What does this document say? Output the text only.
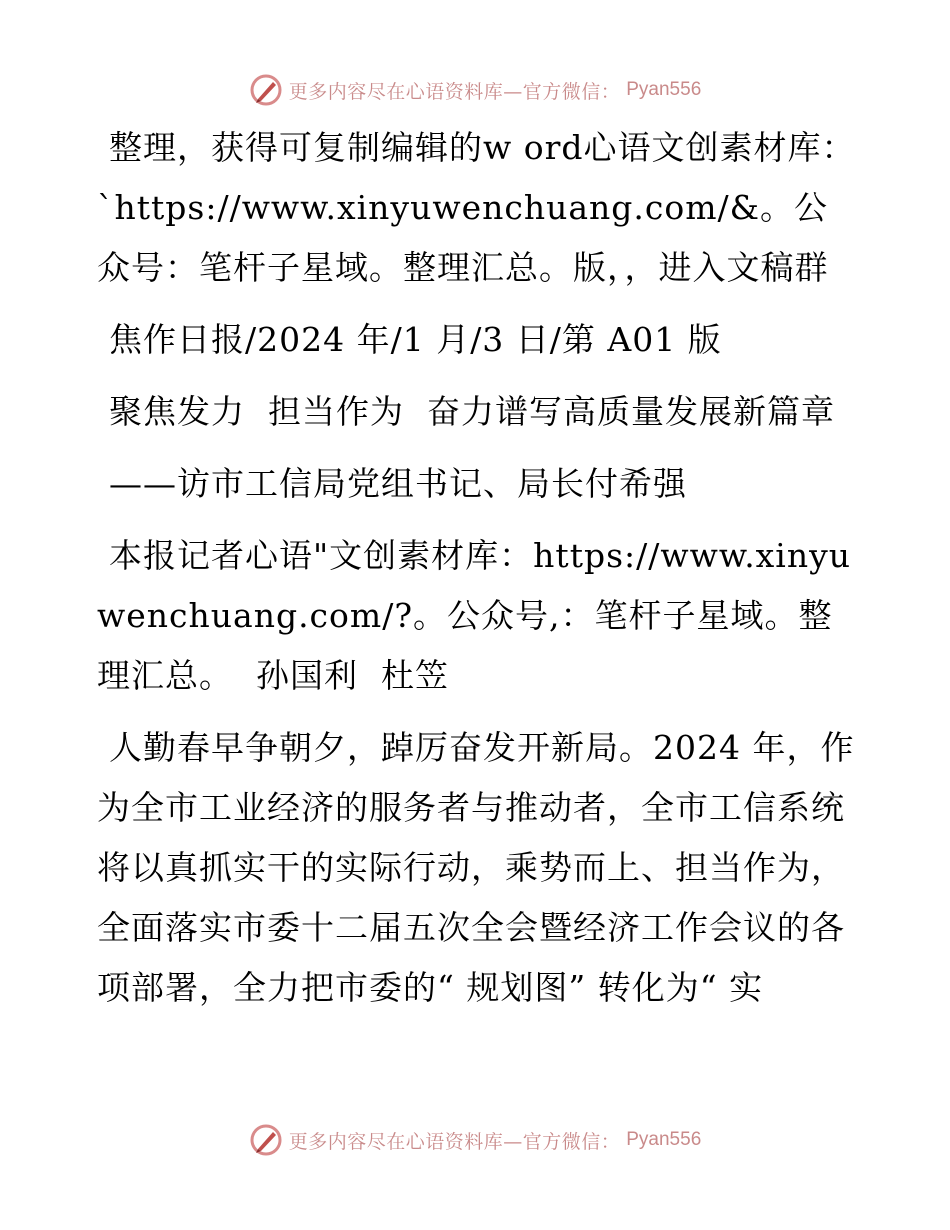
更多内容尽在心语资料库—官方微信： Pyan556

整理，获得可复制编辑的w ord心语文创素材库：`https://www.xinyuwenchuang.com/&。公众号：笔杆子星域。整理汇总。版，，进入文稿群

焦作日报/2024 年/1 月/3 日/第 A01 版

聚焦发力  担当作为  奋力谱写高质量发展新篇章

——访市工信局党组书记、局长付希强

本报记者心语"文创素材库：https://www.xinyuwenchuang.com/?。公众号,：笔杆子星域。整理汇总。  孙国利  杜笠

人勤春早争朝夕，踔厉奋发开新局。2024 年，作为全市工业经济的服务者与推动者，全市工信系统将以真抓实干的实际行动，乘势而上、担当作为，全面落实市委十二届五次全会暨经济工作会议的各项部署，全力把市委的“ 规划图” 转化为“ 实

更多内容尽在心语资料库—官方微信： Pyan556
